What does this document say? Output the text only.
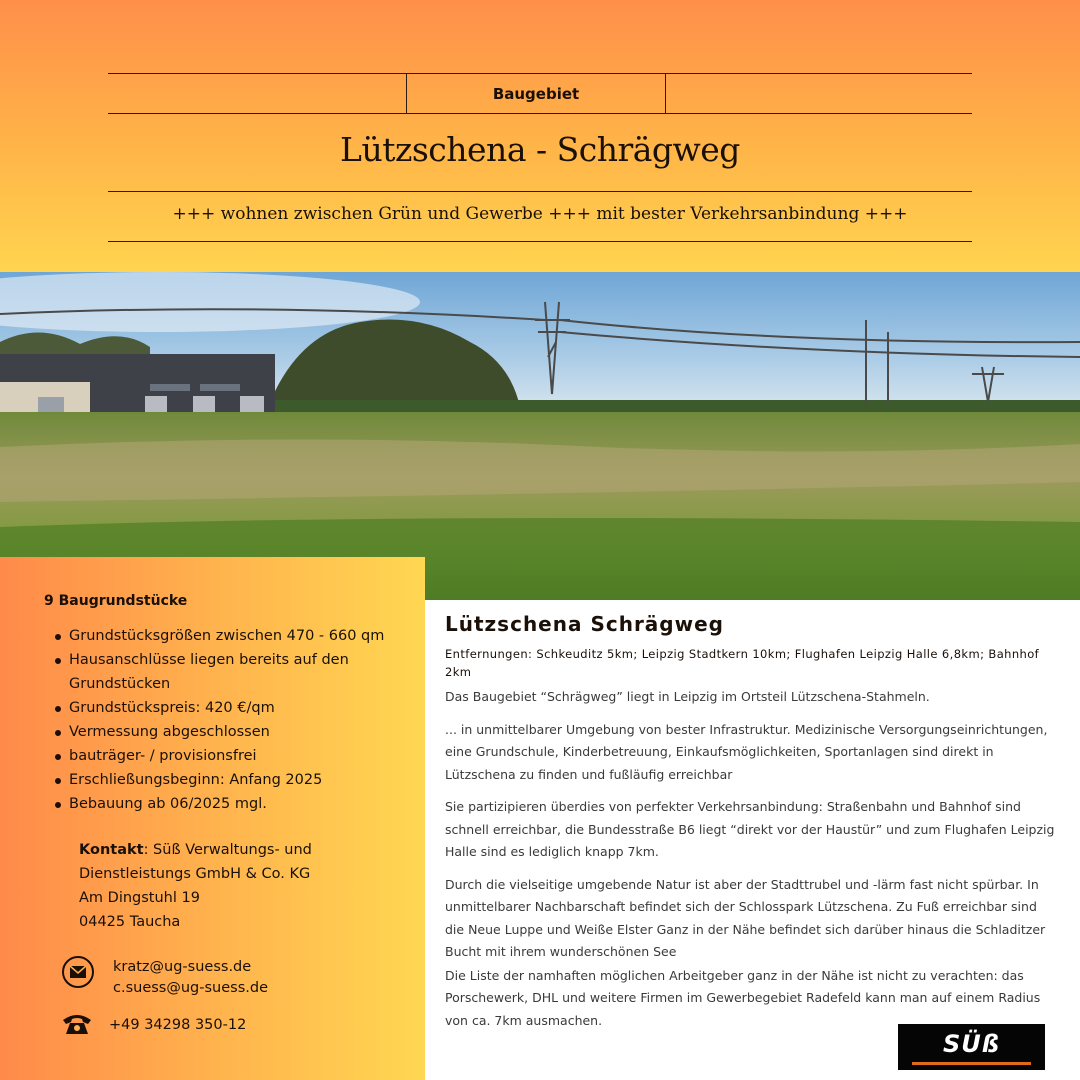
Baugebiet
Lützschena - Schrägweg
+++ wohnen zwischen Grün und Gewerbe +++ mit bester Verkehrsanbindung +++
9 Baugrundstücke
Grundstücksgrößen zwischen 470 - 660 qm
Hausanschlüsse liegen bereits auf den Grundstücken
Grundstückspreis: 420 €/qm
Vermessung abgeschlossen
bauträger- / provisionsfrei
Erschließungsbeginn: Anfang 2025
Bebauung ab 06/2025 mgl.
Kontakt: Süß Verwaltungs- und Dienstleistungs GmbH & Co. KG
Am Dingstuhl 19
04425 Taucha
kratz@ug-suess.de
c.suess@ug-suess.de
+49 34298 350-12
Lützschena Schrägweg
Entfernungen: Schkeuditz 5km; Leipzig Stadtkern 10km; Flughafen Leipzig Halle 6,8km; Bahnhof 2km

Das Baugebiet “Schrägweg” liegt in Leipzig im Ortsteil Lützschena-Stahmeln.

... in unmittelbarer Umgebung von bester Infrastruktur. Medizinische Versorgungseinrichtungen, eine Grundschule, Kinderbetreuung, Einkaufsmöglichkeiten, Sportanlagen sind direkt in Lützschena zu finden und fußläufig erreichbar

Sie partizipieren überdies von perfekter Verkehrsanbindung: Straßenbahn und Bahnhof sind schnell erreichbar, die Bundesstraße B6 liegt “direkt vor der Haustür” und zum Flughafen Leipzig Halle sind es lediglich knapp 7km.

Durch die vielseitige umgebende Natur ist aber der Stadttrubel und -lärm fast nicht spürbar. In unmittelbarer Nachbarschaft befindet sich der Schlosspark Lützschena. Zu Fuß erreichbar sind die Neue Luppe und Weiße Elster Ganz in der Nähe befindet sich darüber hinaus die Schladitzer Bucht mit ihrem wunderschönen See

Die Liste der namhaften möglichen Arbeitgeber ganz in der Nähe ist nicht zu verachten: das Porschewerk, DHL und weitere Firmen im Gewerbegebiet Radefeld kann man auf einem Radius von ca. 7km ausmachen.

SÜß
